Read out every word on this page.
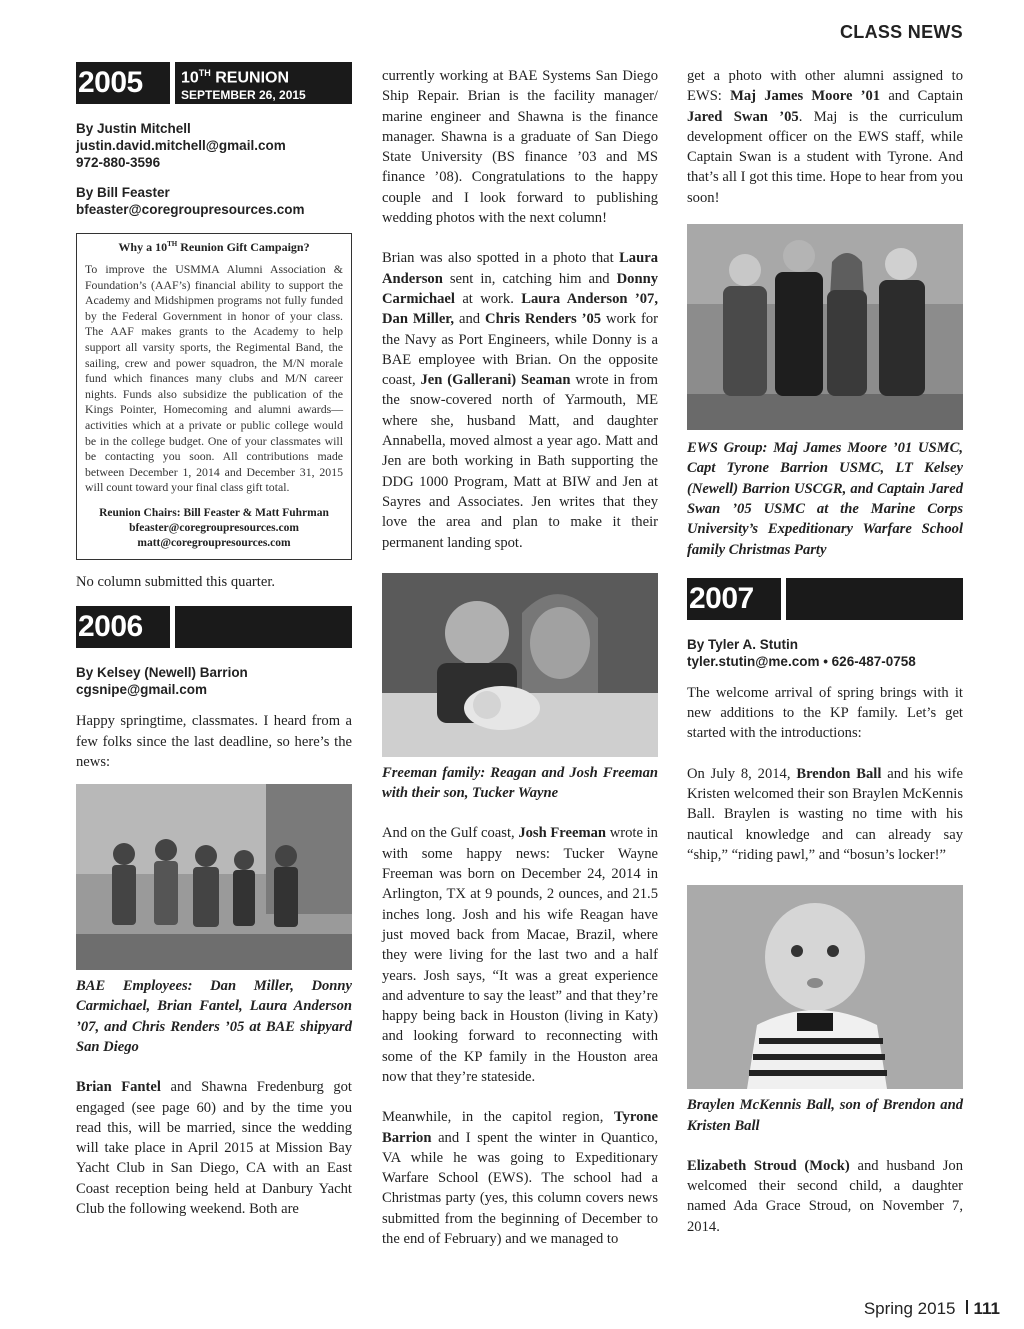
CLASS NEWS
2005	10TH REUNION
SEPTEMBER 26, 2015
By Justin Mitchell
justin.david.mitchell@gmail.com
972-880-3596
By Bill Feaster
bfeaster@coregroupresources.com
Why a 10TH Reunion Gift Campaign?
To improve the USMMA Alumni Association & Foundation’s (AAF’s) financial ability to support the Academy and Midshipmen programs not fully funded by the Federal Government in honor of your class. The AAF makes grants to the Academy to help support all varsity sports, the Regimental Band, the sailing, crew and power squadron, the M/N morale fund which finances many clubs and M/N career nights. Funds also subsidize the publication of the Kings Pointer, Homecoming and alumni awards—activities which at a private or public college would be in the college budget. One of your classmates will be contacting you soon. All contributions made between December 1, 2014 and December 31, 2015 will count toward your final class gift total.
Reunion Chairs: Bill Feaster & Matt Fuhrman
bfeaster@coregroupresources.com
matt@coregroupresources.com

No column submitted this quarter.

2006
By Kelsey (Newell) Barrion
cgsnipe@gmail.com

Happy springtime, classmates. I heard from a few folks since the last deadline, so here’s the news:

BAE Employees: Dan Miller, Donny Carmichael, Brian Fantel, Laura Anderson ’07, and Chris Renders ’05 at BAE shipyard San Diego

Brian Fantel and Shawna Fredenburg got engaged (see page 60) and by the time you read this, will be married, since the wedding will take place in April 2015 at Mission Bay Yacht Club in San Diego, CA with an East Coast reception being held at Danbury Yacht Club the following weekend. Both are

currently working at BAE Systems San Diego Ship Repair. Brian is the facility manager/ marine engineer and Shawna is the finance manager. Shawna is a graduate of San Diego State University (BS finance ’03 and MS finance ’08). Congratulations to the happy couple and I look forward to publishing wedding photos with the next column!

Brian was also spotted in a photo that Laura Anderson sent in, catching him and Donny Carmichael at work. Laura Anderson ’07, Dan Miller, and Chris Renders ’05 work for the Navy as Port Engineers, while Donny is a BAE employee with Brian. On the opposite coast, Jen (Gallerani) Seaman wrote in from the snow-covered north of Yarmouth, ME where she, husband Matt, and daughter Annabella, moved almost a year ago. Matt and Jen are both working in Bath supporting the DDG 1000 Program, Matt at BIW and Jen at Sayres and Associates. Jen writes that they love the area and plan to make it their permanent landing spot.

Freeman family: Reagan and Josh Freeman with their son, Tucker Wayne

And on the Gulf coast, Josh Freeman wrote in with some happy news: Tucker Wayne Freeman was born on December 24, 2014 in Arlington, TX at 9 pounds, 2 ounces, and 21.5 inches long. Josh and his wife Reagan have just moved back from Macae, Brazil, where they were living for the last two and a half years. Josh says, “It was a great experience and adventure to say the least” and that they’re happy being back in Houston (living in Katy) and looking forward to reconnecting with some of the KP family in the Houston area now that they’re stateside.

Meanwhile, in the capitol region, Tyrone Barrion and I spent the winter in Quantico, VA while he was going to Expeditionary Warfare School (EWS). The school had a Christmas party (yes, this column covers news submitted from the beginning of December to the end of February) and we managed to

get a photo with other alumni assigned to EWS: Maj James Moore ’01 and Captain Jared Swan ’05. Maj is the curriculum development officer on the EWS staff, while Captain Swan is a student with Tyrone. And that’s all I got this time. Hope to hear from you soon!

EWS Group: Maj James Moore ’01 USMC, Capt Tyrone Barrion USMC, LT Kelsey (Newell) Barrion USCGR, and Captain Jared Swan ’05 USMC at the Marine Corps University’s Expeditionary Warfare School family Christmas Party
2007
By Tyler A. Stutin
tyler.stutin@me.com • 626-487-0758

The welcome arrival of spring brings with it new additions to the KP family. Let’s get started with the introductions:

On July 8, 2014, Brendon Ball and his wife Kristen welcomed their son Braylen McKennis Ball. Braylen is wasting no time with his nautical knowledge and can already say “ship,” “riding pawl,” and “bosun’s locker!”

Braylen McKennis Ball, son of Brendon and Kristen Ball

Elizabeth Stroud (Mock) and husband Jon welcomed their second child, a daughter named Ada Grace Stroud, on November 7, 2014.

Spring 2015 111
